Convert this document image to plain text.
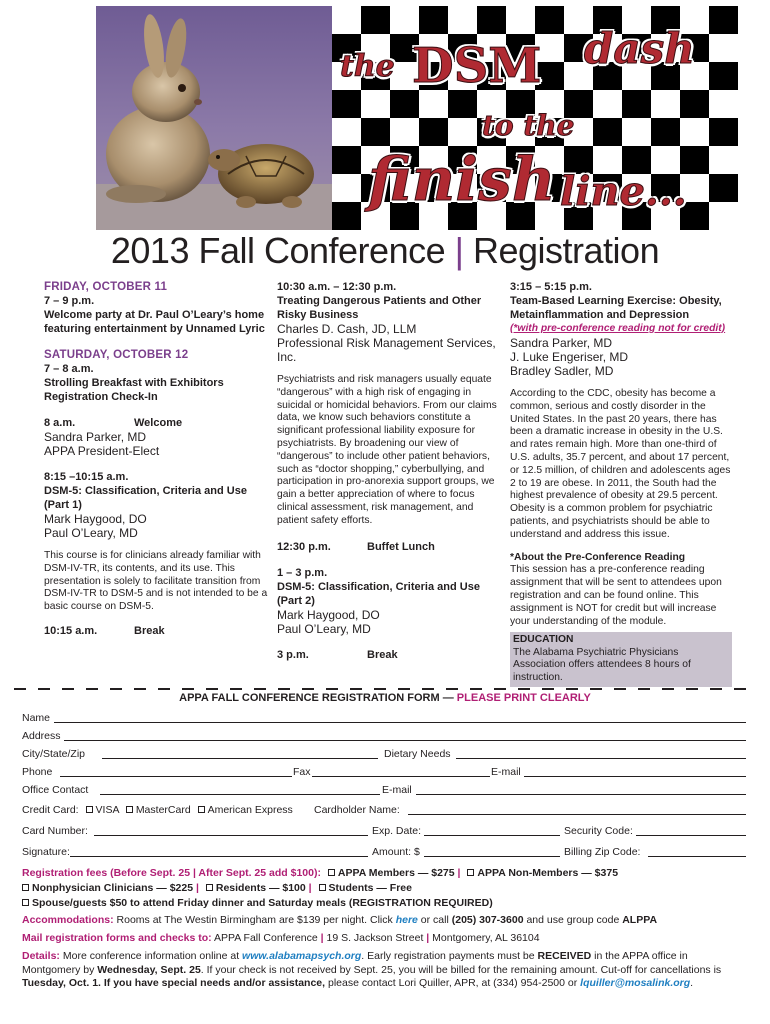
the DSM dash
to the
finish line...
2013 Fall Conference | Registration
FRIDAY, OCTOBER 11
7 – 9 p.m.
Welcome party at Dr. Paul O’Leary’s home featuring entertainment by Unnamed Lyric
SATURDAY, OCTOBER 12
7 – 8 a.m.
Strolling Breakfast with Exhibitors Registration Check-In
8 a.m.	Welcome
Sandra Parker, MD
APPA President-Elect
8:15 –10:15 a.m.
DSM-5: Classification, Criteria and Use (Part 1)
Mark Haygood, DO
Paul O’Leary, MD
This course is for clinicians already familiar with DSM-IV-TR, its contents, and its use. This presentation is solely to facilitate transition from DSM-IV-TR to DSM-5 and is not intended to be a basic course on DSM-5.
10:15 a.m.	Break
10:30 a.m. – 12:30 p.m.
Treating Dangerous Patients and Other Risky Business
Charles D. Cash, JD, LLM
Professional Risk Management Services, Inc.
Psychiatrists and risk managers usually equate “dangerous” with a high risk of engaging in suicidal or homicidal behaviors. From our claims data, we know such behaviors constitute a significant professional liability exposure for psychiatrists. By broadening our view of “dangerous” to include other patient behaviors, such as “doctor shopping,” cyberbullying, and participation in pro-anorexia support groups, we gain a better appreciation of where to focus clinical assessment, risk management, and patient safety efforts.
12:30 p.m.	Buffet Lunch
1 – 3 p.m.
DSM-5: Classification, Criteria and Use (Part 2)
Mark Haygood, DO
Paul O’Leary, MD
3 p.m.	Break
3:15 – 5:15 p.m.
Team-Based Learning Exercise: Obesity, Metainflammation and Depression
(*with pre-conference reading not for credit)
Sandra Parker, MD
J. Luke Engeriser, MD
Bradley Sadler, MD
According to the CDC, obesity has become a common, serious and costly disorder in the United States. In the past 20 years, there has been a dramatic increase in obesity in the U.S. and rates remain high. More than one-third of U.S. adults, 35.7 percent, and about 17 percent, or 12.5 million, of children and adolescents ages 2 to 19 are obese. In 2011, the South had the highest prevalence of obesity at 29.5 percent. Obesity is a common problem for psychiatric patients, and psychiatrists should be able to understand and address this issue.
*About the Pre-Conference Reading
This session has a pre-conference reading assignment that will be sent to attendees upon registration and can be found online. This assignment is NOT for credit but will increase your understanding of the module.
EDUCATION
The Alabama Psychiatric Physicians Association offers attendees 8 hours of instruction.
APPA FALL CONFERENCE REGISTRATION FORM — PLEASE PRINT CLEARLY
Name
Address
City/State/Zip	Dietary Needs
Phone	Fax	E-mail
Office Contact	E-mail
Credit Card: VISA MasterCard American Express Cardholder Name:
Card Number:	Exp. Date:	Security Code:
Signature:	Amount: $	Billing Zip Code:
Registration fees (Before Sept. 25 | After Sept. 25 add $100): APPA Members — $275 | APPA Non-Members — $375
Nonphysician Clinicians — $225 | Residents — $100 | Students — Free
Spouse/guests $50 to attend Friday dinner and Saturday meals (REGISTRATION REQUIRED)
Accommodations: Rooms at The Westin Birmingham are $139 per night. Click here or call (205) 307-3600 and use group code ALPPA
Mail registration forms and checks to: APPA Fall Conference | 19 S. Jackson Street | Montgomery, AL 36104
Details: More conference information online at www.alabamapsych.org. Early registration payments must be RECEIVED in the APPA office in Montgomery by Wednesday, Sept. 25. If your check is not received by Sept. 25, you will be billed for the remaining amount. Cut-off for cancellations is Tuesday, Oct. 1. If you have special needs and/or assistance, please contact Lori Quiller, APR, at (334) 954-2500 or lquiller@mosalink.org.
